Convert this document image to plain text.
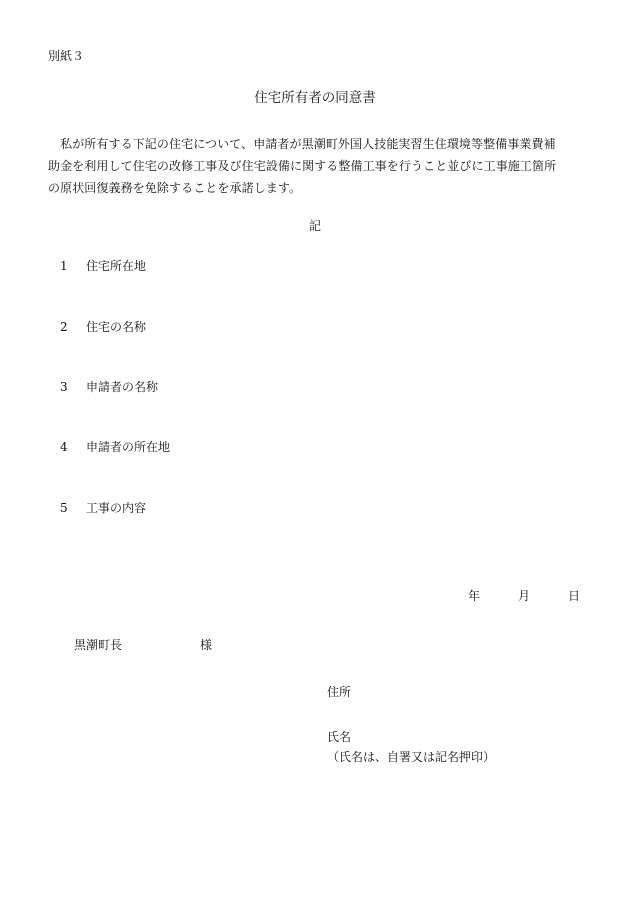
別紙３
住宅所有者の同意書
　私が所有する下記の住宅について、申請者が黒潮町外国人技能実習生住環境等整備事業費補
助金を利用して住宅の改修工事及び住宅設備に関する整備工事を行うこと並びに工事施工箇所
の原状回復義務を免除することを承諾します。
記
1 住宅所在地
2 住宅の名称
3 申請者の名称
4 申請者の所在地
5 工事の内容
年	月	日
黒潮町長	様
住所
氏名
（氏名は、自署又は記名押印）
